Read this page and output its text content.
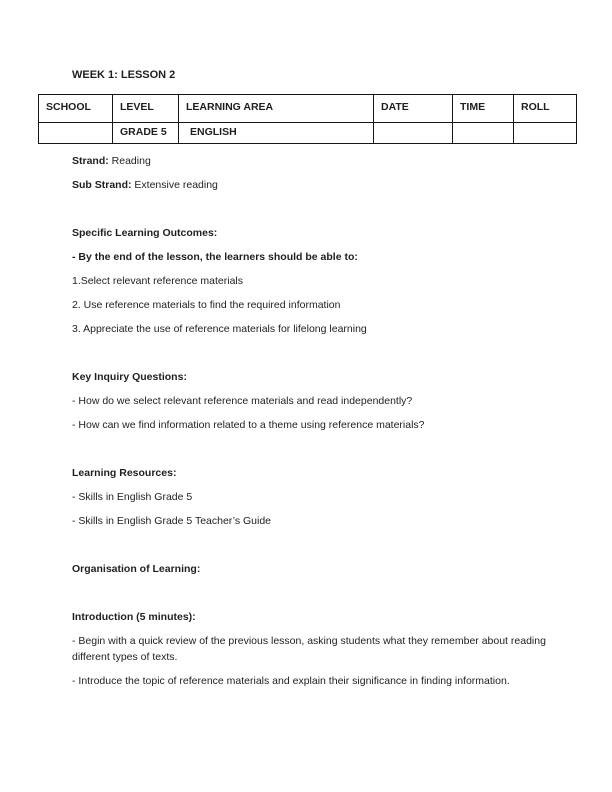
WEEK 1: LESSON 2
SCHOOL	LEVEL	LEARNING AREA	DATE	TIME	ROLL
	GRADE 5	ENGLISH			

Strand: Reading

Sub Strand: Extensive reading

Specific Learning Outcomes:

- By the end of the lesson, the learners should be able to:

1.Select relevant reference materials

2. Use reference materials to find the required information

3. Appreciate the use of reference materials for lifelong learning

Key Inquiry Questions:

- How do we select relevant reference materials and read independently?

- How can we find information related to a theme using reference materials?

Learning Resources:

- Skills in English Grade 5

- Skills in English Grade 5 Teacher’s Guide

Organisation of Learning:

Introduction (5 minutes):

- Begin with a quick review of the previous lesson, asking students what they remember about reading different types of texts.

- Introduce the topic of reference materials and explain their significance in finding information.
